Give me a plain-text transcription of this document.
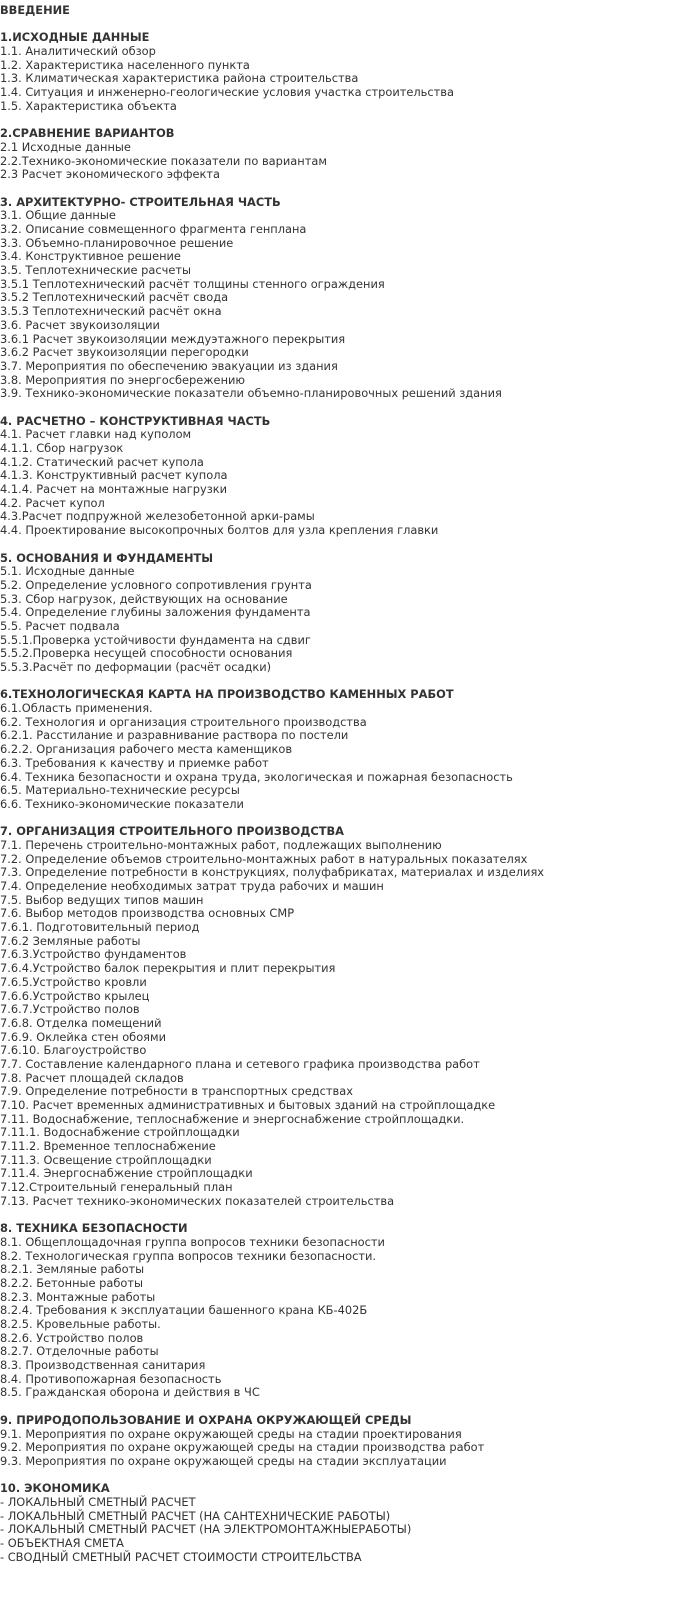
ВВЕДЕНИЕ
1.ИСХОДНЫЕ ДАННЫЕ
1.1. Аналитический обзор
1.2. Характеристика населенного пункта
1.3. Климатическая характеристика района строительства
1.4. Ситуация и инженерно-геологические условия участка строительства
1.5. Характеристика объекта
2.СРАВНЕНИЕ ВАРИАНТОВ
2.1 Исходные данные
2.2.Технико-экономические показатели по вариантам
2.3 Расчет экономического эффекта
3. АРХИТЕКТУРНО- СТРОИТЕЛЬНАЯ ЧАСТЬ
3.1. Общие данные
3.2. Описание совмещенного фрагмента генплана
3.3. Объемно-планировочное решение
3.4. Конструктивное решение
3.5. Теплотехнические расчеты
3.5.1 Теплотехнический расчёт толщины стенного ограждения
3.5.2 Теплотехнический расчёт свода
3.5.3 Теплотехнический расчёт окна
3.6. Расчет звукоизоляции
3.6.1 Расчет звукоизоляции междуэтажного перекрытия
3.6.2 Расчет звукоизоляции перегородки
3.7. Мероприятия по обеспечению эвакуации из здания
3.8. Мероприятия по энергосбережению
3.9. Технико-экономические показатели объемно-планировочных решений здания
4. РАСЧЕТНО – КОНСТРУКТИВНАЯ ЧАСТЬ
4.1. Расчет главки над куполом
4.1.1. Сбор нагрузок
4.1.2. Статический расчет купола
4.1.3. Конструктивный расчет купола
4.1.4. Расчет на монтажные нагрузки
4.2. Расчет купол
4.3.Расчет подпружной железобетонной арки-рамы
4.4. Проектирование высокопрочных болтов для узла крепления главки
5. ОСНОВАНИЯ И ФУНДАМЕНТЫ
5.1. Исходные данные
5.2. Определение условного сопротивления грунта
5.3. Сбор нагрузок, действующих на основание
5.4. Определение глубины заложения фундамента
5.5. Расчет подвала
5.5.1.Проверка устойчивости фундамента на сдвиг
5.5.2.Проверка несущей способности основания
5.5.3.Расчёт по деформации (расчёт осадки)
6.ТЕХНОЛОГИЧЕСКАЯ КАРТА НА ПРОИЗВОДСТВО КАМЕННЫХ РАБОТ
6.1.Область применения.
6.2. Технология и организация строительного производства
6.2.1. Расстилание и разравнивание раствора по постели
6.2.2. Организация рабочего места каменщиков
6.3. Требования к качеству и приемке работ
6.4. Техника безопасности и охрана труда, экологическая и пожарная безопасность
6.5. Материально-технические ресурсы
6.6. Технико-экономические показатели
7. ОРГАНИЗАЦИЯ СТРОИТЕЛЬНОГО ПРОИЗВОДСТВА
7.1. Перечень строительно-монтажных работ, подлежащих выполнению
7.2. Определение объемов строительно-монтажных работ в натуральных показателях
7.3. Определение потребности в конструкциях, полуфабрикатах, материалах и изделиях
7.4. Определение необходимых затрат труда рабочих и машин
7.5. Выбор ведущих типов машин
7.6. Выбор методов производства основных СМР
7.6.1. Подготовительный период
7.6.2 Земляные работы
7.6.3.Устройство фундаментов
7.6.4.Устройство балок перекрытия и плит перекрытия
7.6.5.Устройство кровли
7.6.6.Устройство крылец
7.6.7.Устройство полов
7.6.8. Отделка помещений
7.6.9. Оклейка стен обоями
7.6.10. Благоустройство
7.7. Составление календарного плана и сетевого графика производства работ
7.8. Расчет площадей складов
7.9. Определение потребности в транспортных средствах
7.10. Расчет временных административных и бытовых зданий на стройплощадке
7.11. Водоснабжение, теплоснабжение и энергоснабжение стройплощадки.
7.11.1. Водоснабжение стройплощадки
7.11.2. Временное теплоснабжение
7.11.3. Освещение стройплощадки
7.11.4. Энергоснабжение стройплощадки
7.12.Строительный генеральный план
7.13. Расчет технико-экономических показателей строительства
8. ТЕХНИКА БЕЗОПАСНОСТИ
8.1. Общеплощадочная группа вопросов техники безопасности
8.2. Технологическая группа вопросов техники безопасности.
8.2.1. Земляные работы
8.2.2. Бетонные работы
8.2.3. Монтажные работы
8.2.4. Требования к эксплуатации башенного крана КБ-402Б
8.2.5. Кровельные работы.
8.2.6. Устройство полов
8.2.7. Отделочные работы
8.3. Производственная санитария
8.4. Противопожарная безопасность
8.5. Гражданская оборона и действия в ЧС
9. ПРИРОДОПОЛЬЗОВАНИЕ И ОХРАНА ОКРУЖАЮЩЕЙ СРЕДЫ
9.1. Мероприятия по охране окружающей среды на стадии проектирования
9.2. Мероприятия по охране окружающей среды на стадии производства работ
9.3. Мероприятия по охране окружающей среды на стадии эксплуатации
10. ЭКОНОМИКА
- ЛОКАЛЬНЫЙ СМЕТНЫЙ РАСЧЕТ
- ЛОКАЛЬНЫЙ СМЕТНЫЙ РАСЧЕТ (НА САНТЕХНИЧЕСКИЕ РАБОТЫ)
- ЛОКАЛЬНЫЙ СМЕТНЫЙ РАСЧЕТ (НА ЭЛЕКТРОМОНТАЖНЫЕРАБОТЫ)
- ОБЪЕКТНАЯ СМЕТА
- СВОДНЫЙ СМЕТНЫЙ РАСЧЕТ СТОИМОСТИ СТРОИТЕЛЬСТВА
